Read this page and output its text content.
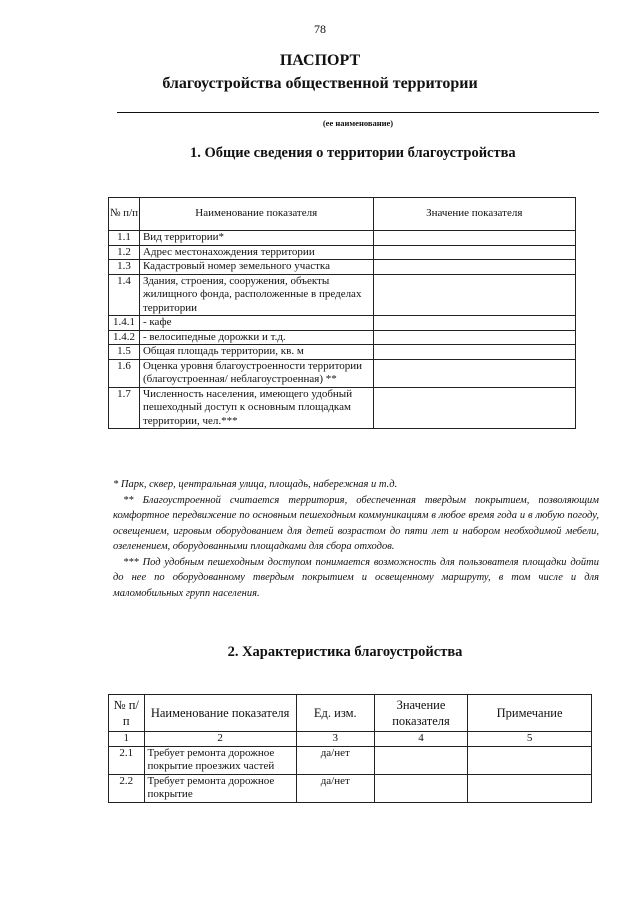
78
ПАСПОРТ
благоустройства общественной территории
(ее наименование)
1. Общие сведения о территории благоустройства
№ п/п	Наименование показателя	Значение показателя
1.1	Вид территории*	
1.2	Адрес местонахождения территории	
1.3	Кадастровый номер земельного участка	
1.4	Здания, строения, сооружения, объекты жилищного фонда, расположенные в пределах территории	
1.4.1	- кафе	
1.4.2	- велосипедные дорожки и т.д.	
1.5	Общая площадь территории, кв. м	
1.6	Оценка уровня благоустроенности территории (благоустроенная/ неблагоустроенная) **	
1.7	Численность населения, имеющего удобный пешеходный доступ к основным площадкам территории, чел.***	

* Парк, сквер, центральная улица, площадь, набережная и т.д.

** Благоустроенной считается территория, обеспеченная твердым покрытием, позволяющим комфортное передвижение по основным пешеходным коммуникациям в любое время года и в любую погоду, освещением, игровым оборудованием для детей возрастом до пяти лет и набором необходимой мебели, озеленением, оборудованными площадками для сбора отходов.

*** Под удобным пешеходным доступом понимается возможность для пользователя площадки дойти до нее по оборудованному твердым покрытием и освещенному маршруту, в том числе и для маломобильных групп населения.

2. Характеристика благоустройства
№ п/п	Наименование показателя	Ед. изм.	Значение показателя	Примечание
1	2	3	4	5
2.1	Требует ремонта дорожное покрытие проезжих частей	да/нет		
2.2	Требует ремонта дорожное покрытие	да/нет		
